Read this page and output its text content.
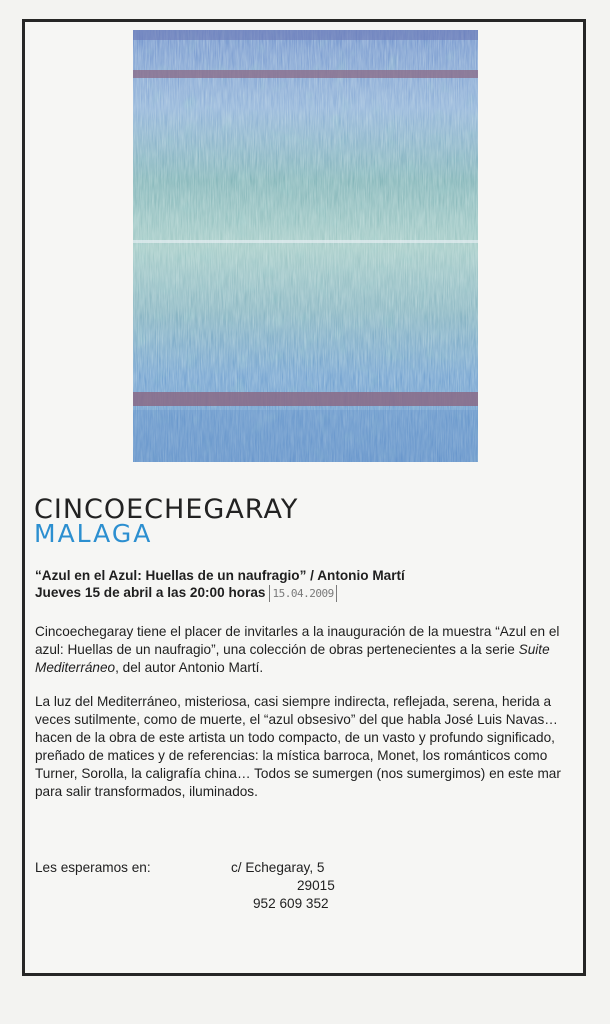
CINCOECHEGARAY
MALAGA
“Azul en el Azul: Huellas de un naufragio” / Antonio Martí
Jueves 15 de abril a las 20:00 horas 15.04.2009
Cincoechegaray tiene el placer de invitarles a la inauguración de la muestra “Azul en el azul: Huellas de un naufragio”, una colección de obras pertenecientes a la serie Suite Mediterráneo, del autor Antonio Martí.
La luz del Mediterráneo, misteriosa, casi siempre indirecta, reflejada, serena, herida a veces sutilmente, como de muerte, el “azul obsesivo” del que habla José Luis Navas… hacen de la obra de este artista un todo compacto, de un vasto y profundo significado, preñado de matices y de referencias: la mística barroca, Monet, los románticos como Turner, Sorolla, la caligrafía china… Todos se sumergen (nos sumergimos) en este mar para salir transformados, iluminados.
Les esperamos en:	c/ Echegaray, 5
29015
952 609 352
